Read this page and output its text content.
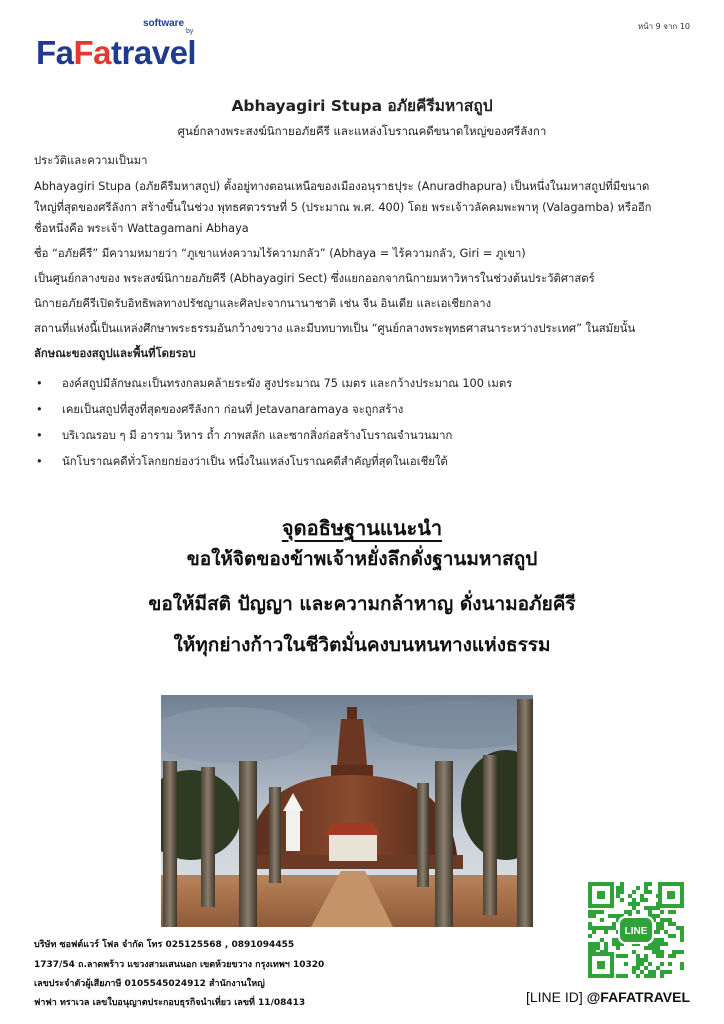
software
by
FaFatravel
หน้า 9 จาก 10
Abhayagiri Stupa อภัยคีรีมหาสถูป
ศูนย์กลางพระสงฆ์นิกายอภัยคีรี และแหล่งโบราณคดีขนาดใหญ่ของศรีลังกา
ประวัติและความเป็นมา
Abhayagiri Stupa (อภัยคีรีมหาสถูป) ตั้งอยู่ทางตอนเหนือของเมืองอนุราธปุระ (Anuradhapura) เป็นหนึ่งในมหาสถูปที่มีขนาด
ใหญ่ที่สุดของศรีลังกา สร้างขึ้นในช่วง พุทธศตวรรษที่ 5 (ประมาณ พ.ศ. 400) โดย พระเจ้าวลัคคมพะพาหุ (Valagamba) หรืออีก
ชื่อหนึ่งคือ พระเจ้า Wattagamani Abhaya
ชื่อ “อภัยคีรี” มีความหมายว่า “ภูเขาแห่งความไร้ความกลัว” (Abhaya = ไร้ความกลัว, Giri = ภูเขา)
เป็นศูนย์กลางของ พระสงฆ์นิกายอภัยคีรี (Abhayagiri Sect) ซึ่งแยกออกจากนิกายมหาวิหารในช่วงต้นประวัติศาสตร์
นิกายอภัยคีรีเปิดรับอิทธิพลทางปรัชญาและศิลปะจากนานาชาติ เช่น จีน อินเดีย และเอเชียกลาง
สถานที่แห่งนี้เป็นแหล่งศึกษาพระธรรมอันกว้างขวาง และมีบทบาทเป็น “ศูนย์กลางพระพุทธศาสนาระหว่างประเทศ” ในสมัยนั้น
ลักษณะของสถูปและพื้นที่โดยรอบ
• องค์สถูปมีลักษณะเป็นทรงกลมคล้ายระฆัง สูงประมาณ 75 เมตร และกว้างประมาณ 100 เมตร
• เคยเป็นสถูปที่สูงที่สุดของศรีลังกา ก่อนที่ Jetavanaramaya จะถูกสร้าง
• บริเวณรอบ ๆ มี อาราม วิหาร ถ้ำ ภาพสลัก และซากสิ่งก่อสร้างโบราณจำนวนมาก
• นักโบราณคดีทั่วโลกยกย่องว่าเป็น หนึ่งในแหล่งโบราณคดีสำคัญที่สุดในเอเชียใต้
จุดอธิษฐานแนะนำ
ขอให้จิตของข้าพเจ้าหยั่งลึกดั่งฐานมหาสถูป
ขอให้มีสติ ปัญญา และความกล้าหาญ ดั่งนามอภัยคีรี
ให้ทุกย่างก้าวในชีวิตมั่นคงบนหนทางแห่งธรรม
บริษัท ซอฟต์แวร์ โฟล จำกัด โทร 025125568 , 0891094455
1737/54 ถ.ลาดพร้าว แขวงสามเสนนอก เขตห้วยขวาง กรุงเทพฯ 10320
เลขประจำตัวผู้เสียภาษี 0105545024912 สำนักงานใหญ่
ฟาฟา ทราเวล เลขใบอนุญาตประกอบธุรกิจนำเที่ยว เลขที่ 11/08413
LINE
[LINE ID] @FAFATRAVEL
